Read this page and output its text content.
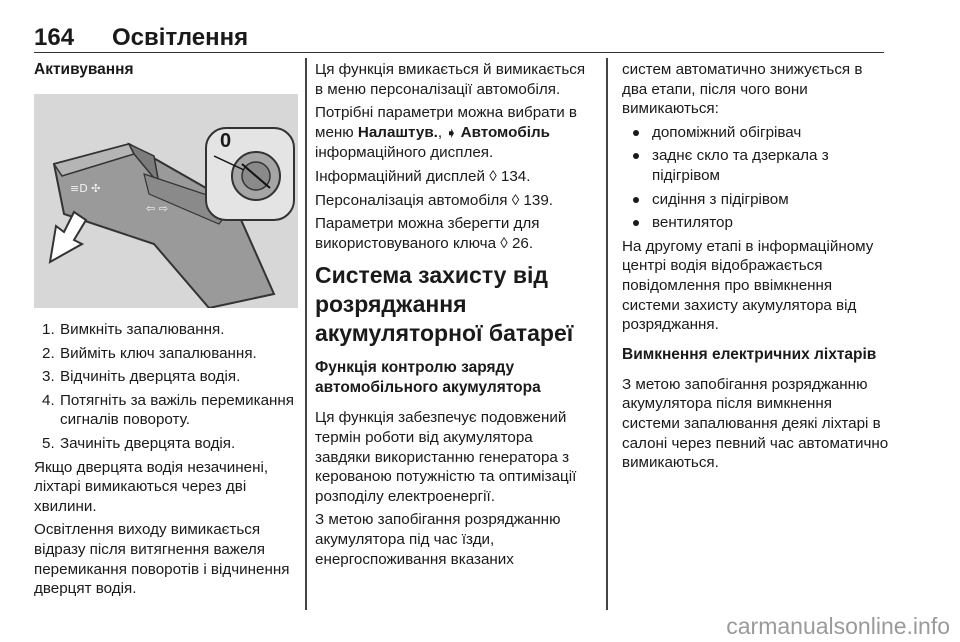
164 Освітлення
Активування
≡D ✣
⇦ ⇨
0
1. Вимкніть запалювання.
2. Вийміть ключ запалювання.
3. Відчиніть дверцята водія.
4. Потягніть за важіль перемикання сигналів повороту.
5. Зачиніть дверцята водія.

Якщо дверцята водія незачинені, ліхтарі вимикаються через дві хвилини.

Освітлення виходу вимикається відразу після витягнення важеля перемикання поворотів і відчинення дверцят водія.

Ця функція вмикається й вимикається в меню персоналізації автомобіля.

Потрібні параметри можна вибрати в меню Налаштув., ➧ Автомобіль інформаційного дисплея.

Інформаційний дисплей ◊ 134.

Персоналізація автомобіля ◊ 139.

Параметри можна зберегти для використовуваного ключа ◊ 26.

Система захисту від розряджання акумуляторної батареї
Функція контролю заряду автомобільного акумулятора

Ця функція забезпечує подовжений термін роботи від акумулятора завдяки використанню генератора з керованою потужністю та оптимізації розподілу електроенергії.

З метою запобігання розряджанню акумулятора під час їзди, енергоспоживання вказаних

систем автоматично знижується в два етапи, після чого вони вимикаються:

допоміжний обігрівач
заднє скло та дзеркала з підігрівом
сидіння з підігрівом
вентилятор

На другому етапі в інформаційному центрі водія відображається повідомлення про ввімкнення системи захисту акумулятора від розряджання.

Вимкнення електричних ліхтарів

З метою запобігання розряджанню акумулятора після вимкнення системи запалювання деякі ліхтарі в салоні через певний час автоматично вимикаються.

carmanualsonline.info
